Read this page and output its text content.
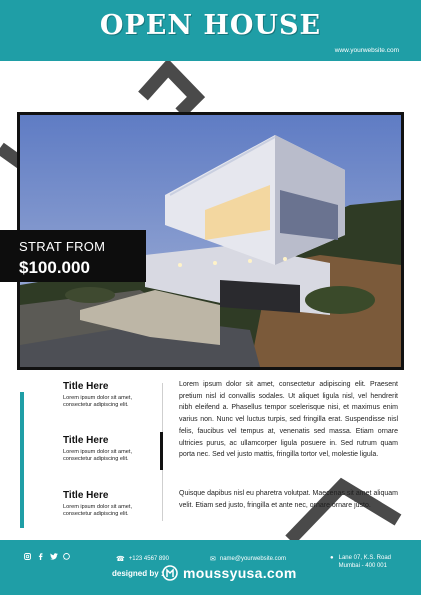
OPEN HOUSE
www.yourwebsite.com
STRAT FROM
$100.000
Title Here
Lorem ipsum dolor sit amet, consectetur adipiscing elit.
Title Here
Lorem ipsum dolor sit amet, consectetur adipiscing elit.
Title Here
Lorem ipsum dolor sit amet, consectetur adipiscing elit.
Lorem ipsum dolor sit amet, consectetur adipiscing elit. Praesent pretium nisl id convallis sodales. Ut aliquet ligula nisl, vel hendrerit nibh eleifend a. Phasellus tempor scelerisque nisi, et maximus enim varius non. Nunc vel luctus turpis, sed fringilla erat. Suspendisse nisl felis, faucibus vel tempus at, venenatis sed massa. Etiam ornare ultricies purus, ac ullamcorper ligula posuere in. Sed rutrum quam porta nec. Sed vel justo mattis, fringilla tortor vel, molestie ligula.
Quisque dapibus nisl eu pharetra volutpat. Maecenas sit amet aliquam velit. Etiam sed justo, fringilla et ante nec, ornare ornare justo.
☎ +123 4567 890	✉ name@yourwebsite.com	● Lane 07, K.S. Road
Mumbai - 400 001
designed by : moussyusa.com
